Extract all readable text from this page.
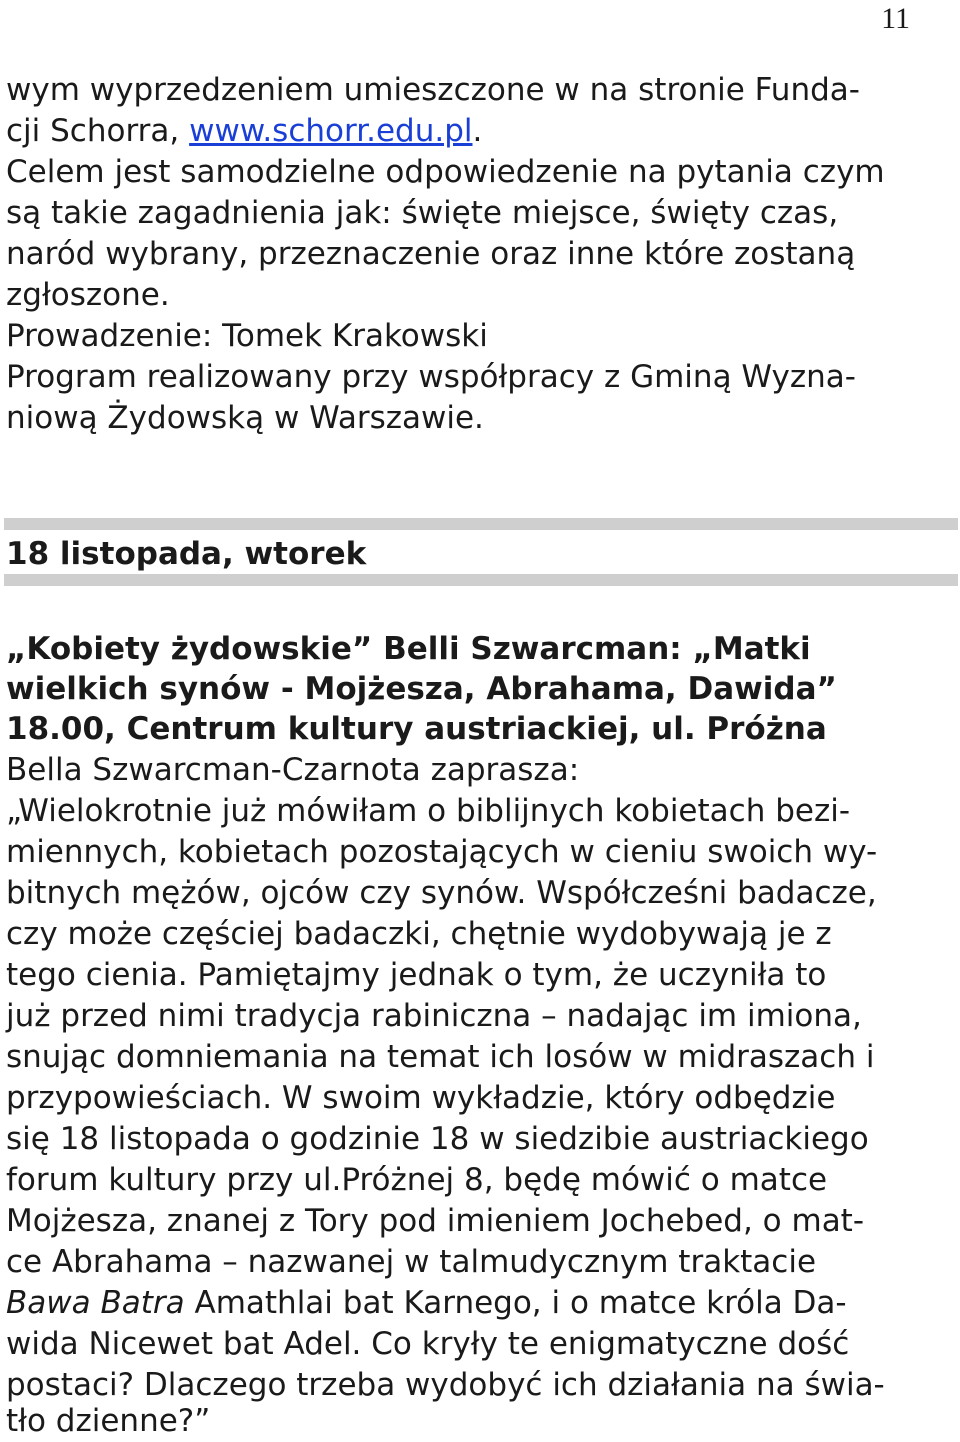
11
wym wyprzedzeniem umieszczone w na stronie Funda-
cji Schorra, www.schorr.edu.pl.
Celem jest samodzielne odpowiedzenie na pytania czym
są takie zagadnienia jak: święte miejsce, święty czas,
naród wybrany, przeznaczenie oraz inne które zostaną
zgłoszone.
Prowadzenie: Tomek Krakowski
Program realizowany przy współpracy z Gminą Wyzna-
niową Żydowską w Warszawie.
18 listopada, wtorek
„Kobiety żydowskie” Belli Szwarcman: „Matki
wielkich synów - Mojżesza, Abrahama, Dawida”
18.00, Centrum kultury austriackiej, ul. Próżna
Bella Szwarcman-Czarnota zaprasza:
„Wielokrotnie już mówiłam o biblijnych kobietach bezi-
miennych, kobietach pozostających w cieniu swoich wy-
bitnych mężów, ojców czy synów. Współcześni badacze,
czy może częściej badaczki, chętnie wydobywają je z
tego cienia. Pamiętajmy jednak o tym, że uczyniła to
już przed nimi tradycja rabiniczna – nadając im imiona,
snując domniemania na temat ich losów w midraszach i
przypowieściach. W swoim wykładzie, który odbędzie
się 18 listopada o godzinie 18 w siedzibie austriackiego
forum kultury przy ul.Próżnej 8, będę mówić o matce
Mojżesza, znanej z Tory pod imieniem Jochebed, o mat-
ce Abrahama – nazwanej w talmudycznym traktacie
Bawa Batra Amathlai bat Karnego, i o matce króla Da-
wida Nicewet bat Adel. Co kryły te enigmatyczne dość
postaci? Dlaczego trzeba wydobyć ich działania na świa-
tło dzienne?”
